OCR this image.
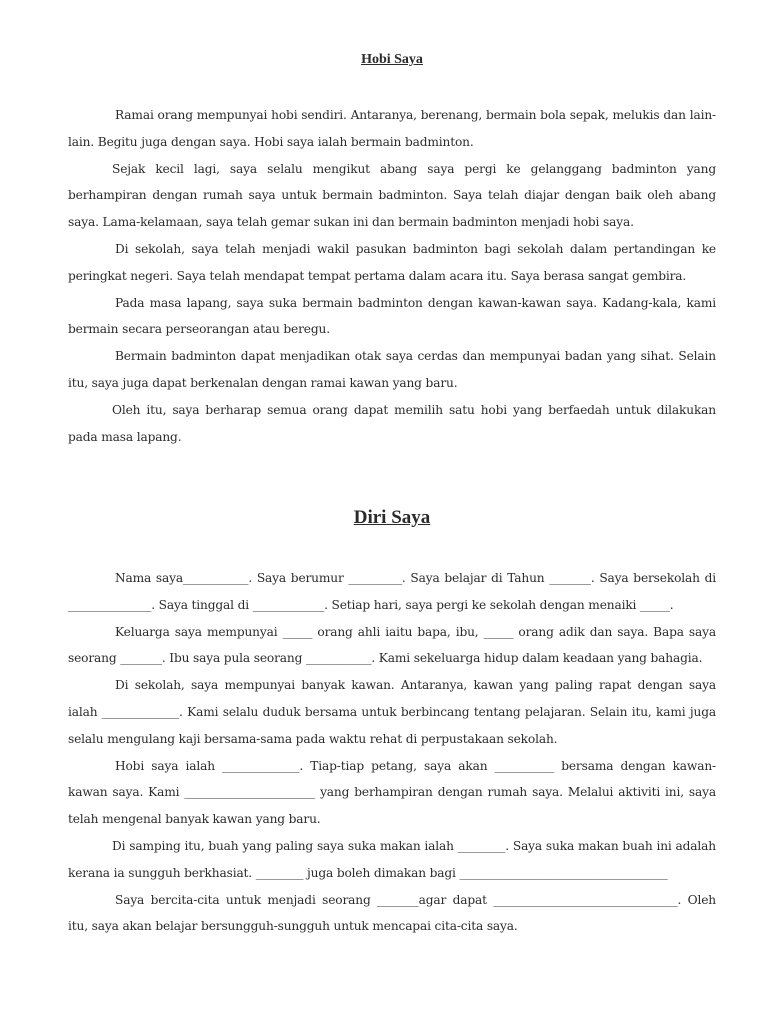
Hobi Saya

Ramai orang mempunyai hobi sendiri. Antaranya, berenang, bermain bola sepak, melukis dan lain-lain. Begitu juga dengan saya. Hobi saya ialah bermain badminton.

Sejak kecil lagi, saya selalu mengikut abang saya pergi ke gelanggang badminton yang berhampiran dengan rumah saya untuk bermain badminton. Saya telah diajar dengan baik oleh abang saya. Lama-kelamaan, saya telah gemar sukan ini dan bermain badminton menjadi hobi saya.

Di sekolah, saya telah menjadi wakil pasukan badminton bagi sekolah dalam pertandingan ke peringkat negeri. Saya telah mendapat tempat pertama dalam acara itu. Saya berasa sangat gembira.

Pada masa lapang, saya suka bermain badminton dengan kawan-kawan saya. Kadang-kala, kami bermain secara perseorangan atau beregu.

Bermain badminton dapat menjadikan otak saya cerdas dan mempunyai badan yang sihat. Selain itu, saya juga dapat berkenalan dengan ramai kawan yang baru.

Oleh itu, saya berharap semua orang dapat memilih satu hobi yang berfaedah untuk dilakukan pada masa lapang.

Diri Saya

Nama saya___________. Saya berumur _________. Saya belajar di Tahun _______. Saya bersekolah di ______________. Saya tinggal di ____________. Setiap hari, saya pergi ke sekolah dengan menaiki _____.

Keluarga saya mempunyai _____ orang ahli iaitu bapa, ibu, _____ orang adik dan saya. Bapa saya seorang _______. Ibu saya pula seorang ___________. Kami sekeluarga hidup dalam keadaan yang bahagia.

Di sekolah, saya mempunyai banyak kawan. Antaranya, kawan yang paling rapat dengan saya ialah _____________. Kami selalu duduk bersama untuk berbincang tentang pelajaran. Selain itu, kami juga selalu mengulang kaji bersama-sama pada waktu rehat di perpustakaan sekolah.

Hobi saya ialah _____________. Tiap-tiap petang, saya akan __________ bersama dengan kawan-kawan saya. Kami ______________________ yang berhampiran dengan rumah saya. Melalui aktiviti ini, saya telah mengenal banyak kawan yang baru.

Di samping itu, buah yang paling saya suka makan ialah ________. Saya suka makan buah ini adalah kerana ia sungguh berkhasiat. ________ juga boleh dimakan bagi ___________________________________

Saya bercita-cita untuk menjadi seorang _______agar dapat _______________________________. Oleh itu, saya akan belajar bersungguh-sungguh untuk mencapai cita-cita saya.
